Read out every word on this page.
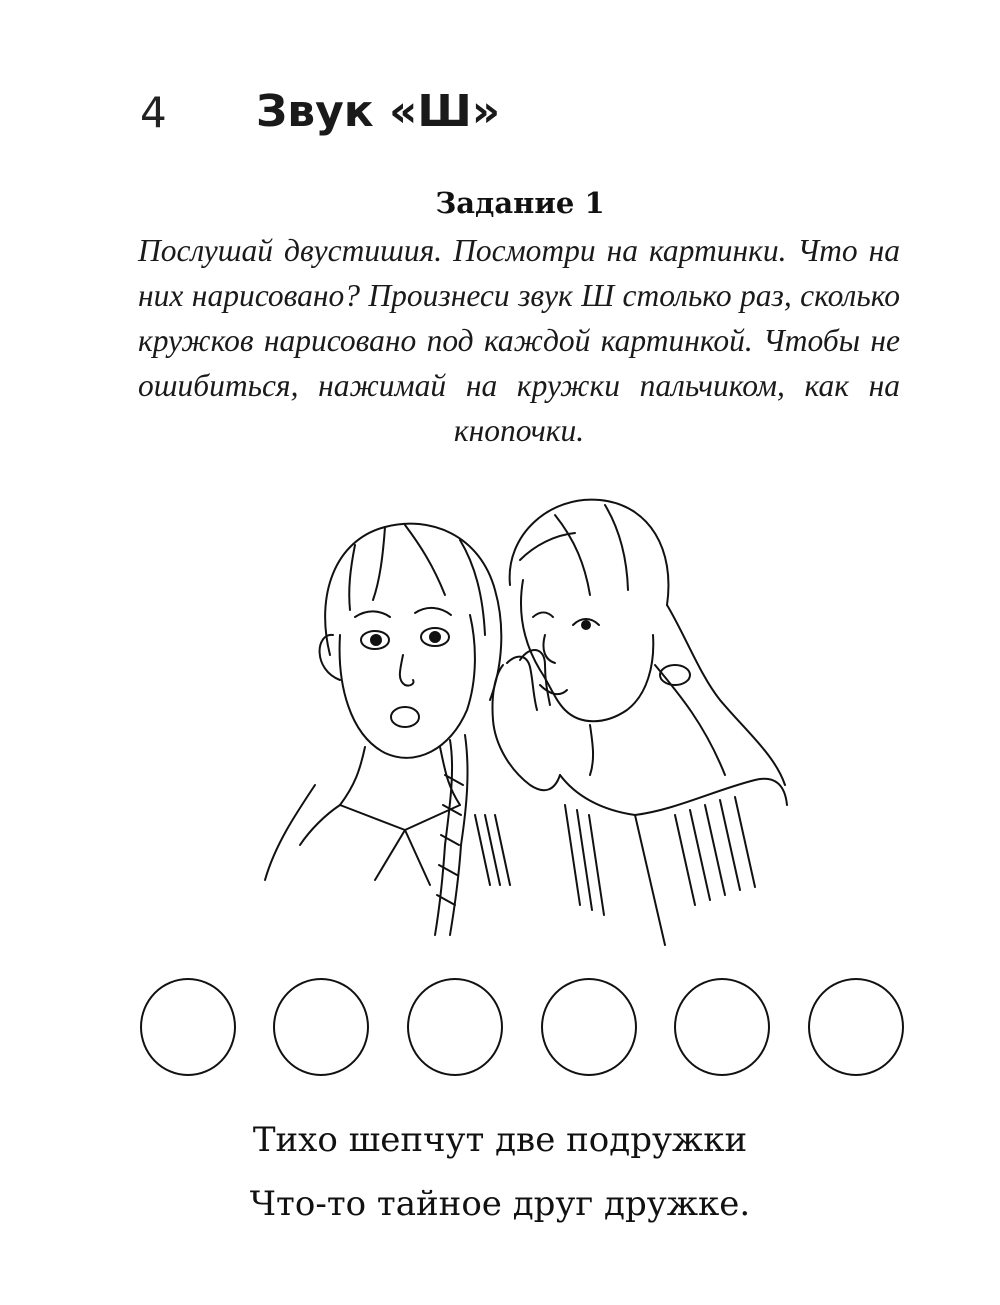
4 Звук «Ш»
Задание 1

Послушай двустишия. Посмотри на картинки. Что на них нарисовано? Произнеси звук Ш столько раз, сколько кружков нарисовано под каждой картинкой. Чтобы не ошибиться, нажимай на кружки пальчиком, как на кнопочки.

Тихо шепчут две подружки
Что-то тайное друг дружке.
